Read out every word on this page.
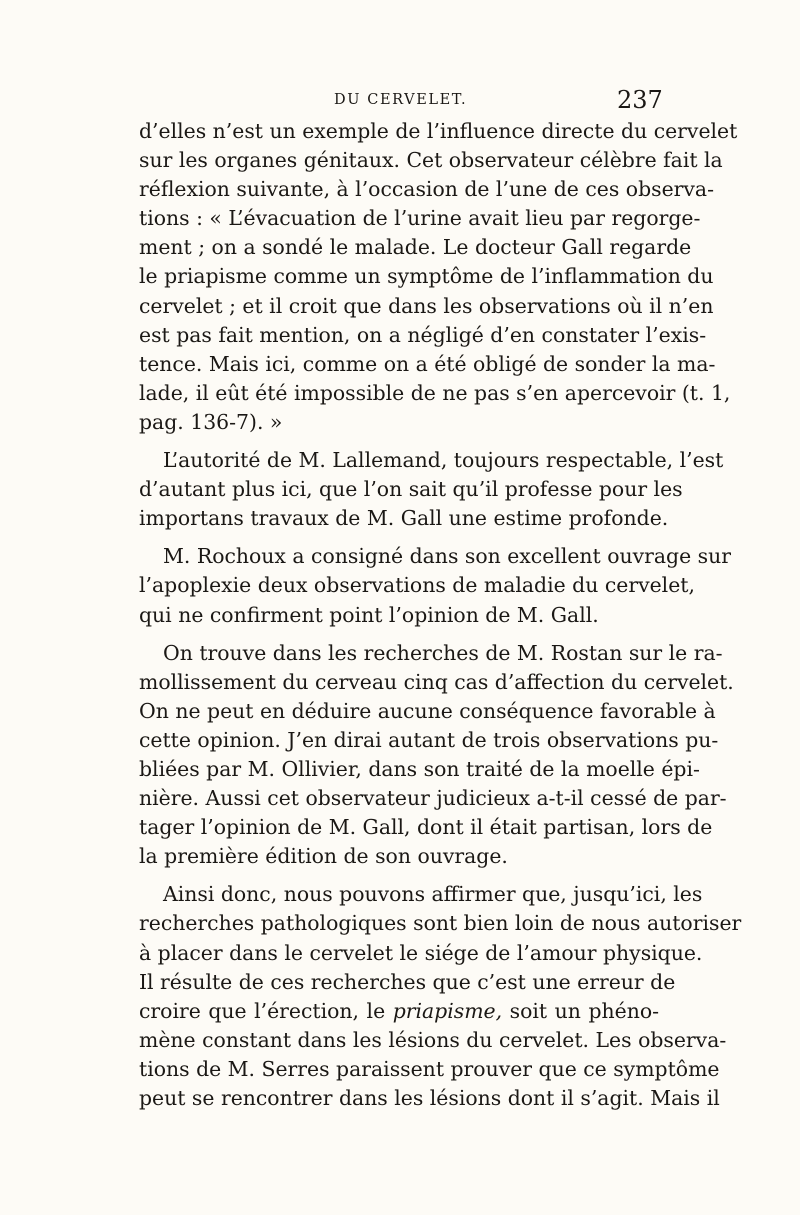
DU CERVELET.	237
d’elles n’est un exemple de l’influence directe du cervelet
sur les organes génitaux. Cet observateur célèbre fait la
réflexion suivante, à l’occasion de l’une de ces observa-
tions : « L’évacuation de l’urine avait lieu par regorge-
ment ; on a sondé le malade. Le docteur Gall regarde
le priapisme comme un symptôme de l’inflammation du
cervelet ; et il croit que dans les observations où il n’en
est pas fait mention, on a négligé d’en constater l’exis-
tence. Mais ici, comme on a été obligé de sonder la ma-
lade, il eût été impossible de ne pas s’en apercevoir (t. 1,
pag. 136-7). »
L’autorité de M. Lallemand, toujours respectable, l’est
d’autant plus ici, que l’on sait qu’il professe pour les
importans travaux de M. Gall une estime profonde.
M. Rochoux a consigné dans son excellent ouvrage sur
l’apoplexie deux observations de maladie du cervelet,
qui ne confirment point l’opinion de M. Gall.
On trouve dans les recherches de M. Rostan sur le ra-
mollissement du cerveau cinq cas d’affection du cervelet.
On ne peut en déduire aucune conséquence favorable à
cette opinion. J’en dirai autant de trois observations pu-
bliées par M. Ollivier, dans son traité de la moelle épi-
nière. Aussi cet observateur judicieux a-t-il cessé de par-
tager l’opinion de M. Gall, dont il était partisan, lors de
la première édition de son ouvrage.
Ainsi donc, nous pouvons affirmer que, jusqu’ici, les
recherches pathologiques sont bien loin de nous autoriser
à placer dans le cervelet le siége de l’amour physique.
Il résulte de ces recherches que c’est une erreur de
croire que l’érection, le priapisme, soit un phéno-
mène constant dans les lésions du cervelet. Les observa-
tions de M. Serres paraissent prouver que ce symptôme
peut se rencontrer dans les lésions dont il s’agit. Mais il
